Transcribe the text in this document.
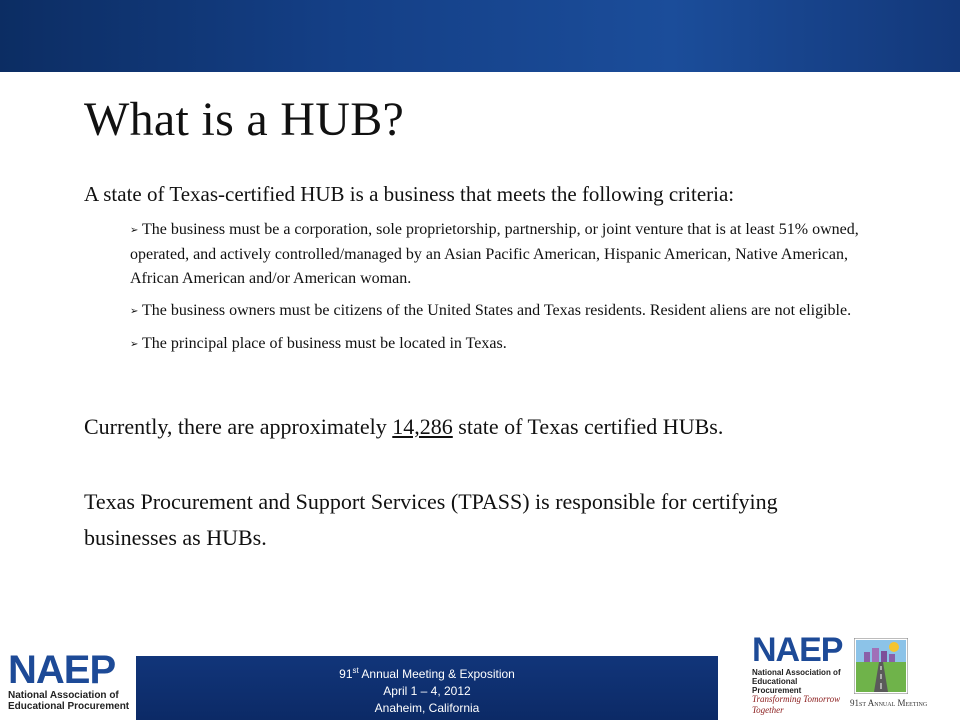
What is a HUB?
A state of Texas-certified HUB is a business that meets the following criteria:
➢ The business must be a corporation, sole proprietorship, partnership, or joint venture that is at least 51% owned, operated, and actively controlled/managed by an Asian Pacific American, Hispanic American, Native American, African American and/or American woman.
➢ The business owners must be citizens of the United States and Texas residents. Resident aliens are not eligible.
➢ The principal place of business must be located in Texas.
Currently, there are approximately 14,286 state of Texas certified HUBs.
Texas Procurement and Support Services (TPASS) is responsible for certifying businesses as HUBs.
NAEP
National Association of Educational Procurement
91st Annual Meeting & Exposition
April 1 – 4, 2012
Anaheim, California
NAEP
National Association of Educational Procurement
Transforming Tomorrow Together
91st Annual Meeting
